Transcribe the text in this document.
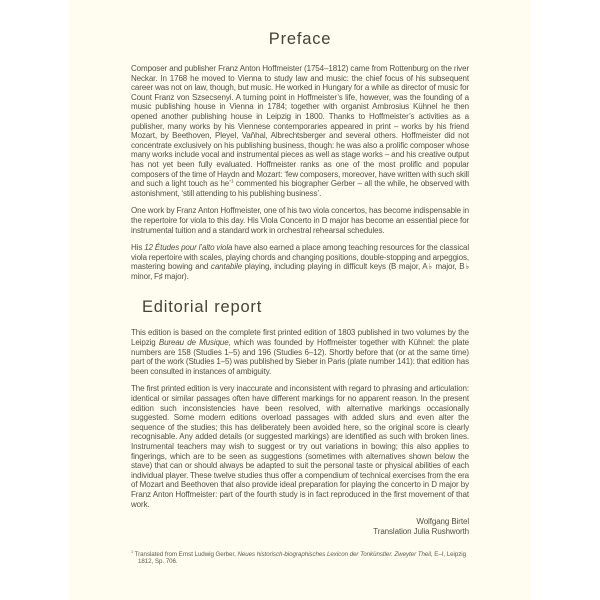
Preface

Composer and publisher Franz Anton Hoffmeister (1754–1812) came from Rottenburg on the river Neckar. In 1768 he moved to Vienna to study law and music: the chief focus of his subsequent career was not on law, though, but music. He worked in Hungary for a while as director of music for Count Franz von Szsecsenyi. A turning point in Hoffmeister’s life, however, was the founding of a music publishing house in Vienna in 1784; together with organist Ambrosius Kühnel he then opened another publishing house in Leipzig in 1800. Thanks to Hoffmeister’s activities as a publisher, many works by his Viennese contemporaries appeared in print – works by his friend Mozart, by Beethoven, Pleyel, Vaňhal, Albrechtsberger and several others. Hoffmeister did not concentrate exclusively on his publishing business, though: he was also a prolific composer whose many works include vocal and instrumental pieces as well as stage works – and his creative output has not yet been fully evaluated. Hoffmeister ranks as one of the most prolific and popular composers of the time of Haydn and Mozart: ‘few composers, moreover, have written with such skill and such a light touch as he’$^1$ commented his biographer Gerber – all the while, he observed with astonishment, ‘still attending to his publishing business’.

One work by Franz Anton Hoffmeister, one of his two viola concertos, has become indispensable in the repertoire for viola to this day. His Viola Concerto in D major has become an essential piece for instrumental tuition and a standard work in orchestral rehearsal schedules.

His 12 Études pour l’alto viola have also earned a place among teaching resources for the classical viola repertoire with scales, playing chords and changing positions, double-stopping and arpeggios, mastering bowing and cantabile playing, including playing in difficult keys (B major, A♭ major, B♭ minor, F♯ major).

Editorial report

This edition is based on the complete first printed edition of 1803 published in two volumes by the Leipzig Bureau de Musique, which was founded by Hoffmeister together with Kühnel: the plate numbers are 158 (Studies 1–5) and 196 (Studies 6–12). Shortly before that (or at the same time) part of the work (Studies 1–5) was published by Sieber in Paris (plate number 141): that edition has been consulted in instances of ambiguity.

The first printed edition is very inaccurate and inconsistent with regard to phrasing and articulation: identical or similar passages often have different markings for no apparent reason. In the present edition such inconsistencies have been resolved, with alternative markings occasionally suggested. Some modern editions overload passages with added slurs and even alter the sequence of the studies; this has deliberately been avoided here, so the original score is clearly recognisable. Any added details (or suggested markings) are identified as such with broken lines. Instrumental teachers may wish to suggest or try out variations in bowing; this also applies to fingerings, which are to be seen as suggestions (sometimes with alternatives shown below the stave) that can or should always be adapted to suit the personal taste or physical abilities of each individual player. These twelve studies thus offer a compendium of technical exercises from the era of Mozart and Beethoven that also provide ideal preparation for playing the concerto in D major by Franz Anton Hoffmeister: part of the fourth study is in fact reproduced in the first movement of that work.

Wolfgang Birtel
Translation Julia Rushworth
$^1$ Translated from Ernst Ludwig Gerber, Neues historisch-biographisches Lexicon der Tonkünstler. Zweyter Theil, E–I, Leipzig 1812, Sp. 706.
